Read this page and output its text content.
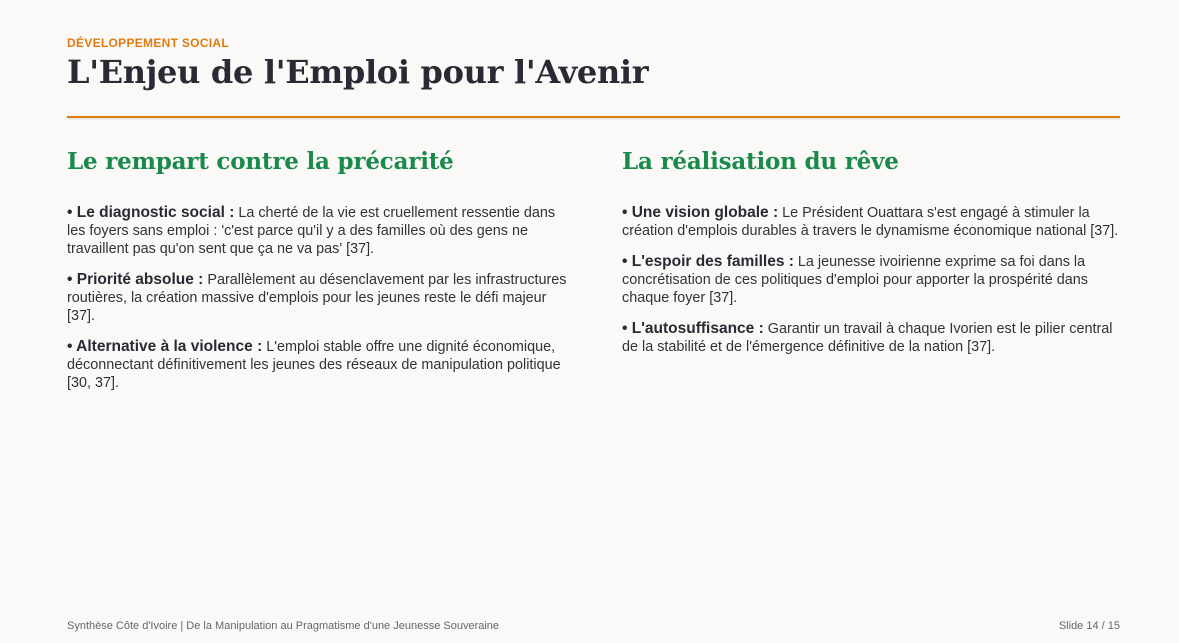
DÉVELOPPEMENT SOCIAL
L'Enjeu de l'Emploi pour l'Avenir
Le rempart contre la précarité
• Le diagnostic social : La cherté de la vie est cruellement ressentie dans les foyers sans emploi : 'c'est parce qu'il y a des familles où des gens ne travaillent pas qu'on sent que ça ne va pas' [37].
• Priorité absolue : Parallèlement au désenclavement par les infrastructures routières, la création massive d'emplois pour les jeunes reste le défi majeur [37].
• Alternative à la violence : L'emploi stable offre une dignité économique, déconnectant définitivement les jeunes des réseaux de manipulation politique [30, 37].
La réalisation du rêve
• Une vision globale : Le Président Ouattara s'est engagé à stimuler la création d'emplois durables à travers le dynamisme économique national [37].
• L'espoir des familles : La jeunesse ivoirienne exprime sa foi dans la concrétisation de ces politiques d'emploi pour apporter la prospérité dans chaque foyer [37].
• L'autosuffisance : Garantir un travail à chaque Ivorien est le pilier central de la stabilité et de l'émergence définitive de la nation [37].
Synthèse Côte d'Ivoire | De la Manipulation au Pragmatisme d'une Jeunesse Souveraine	Slide 14 / 15
